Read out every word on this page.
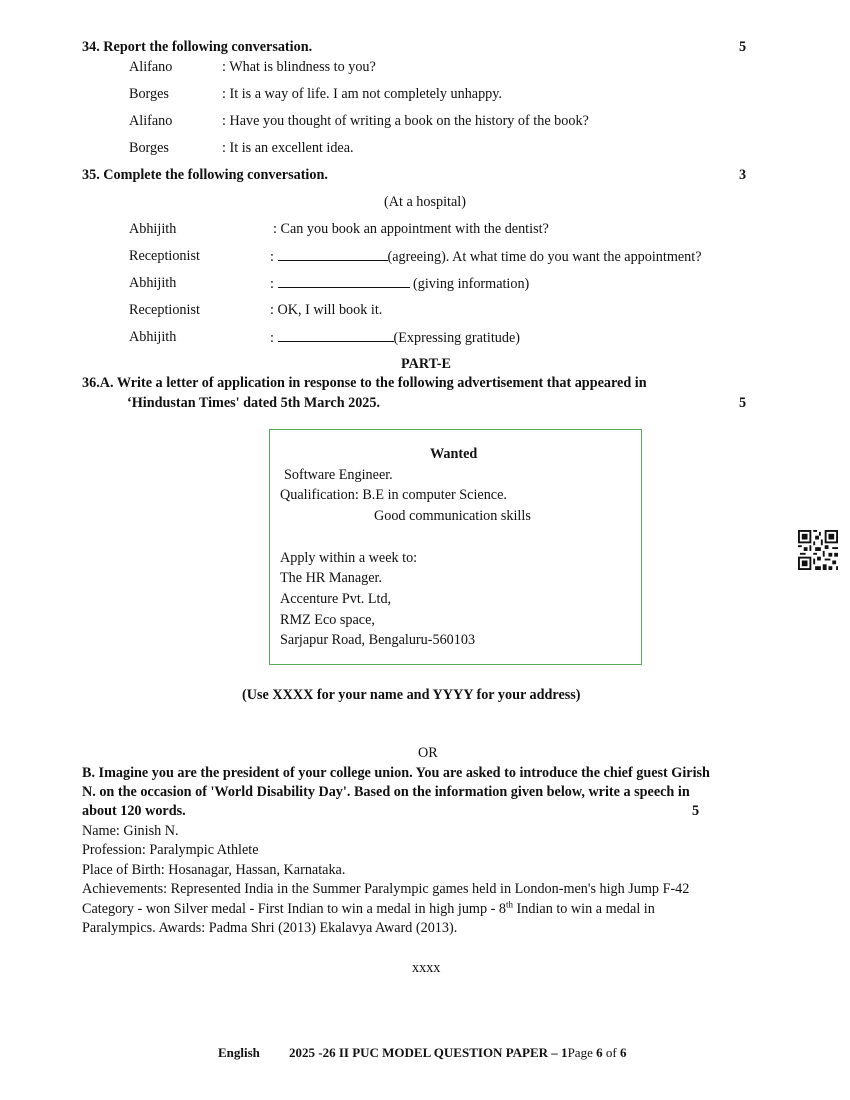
34. Report the following conversation.	5
Alifano	: What is blindness to you?
Borges	: It is a way of life. I am not completely unhappy.
Alifano	: Have you thought of writing a book on the history of the book?
Borges	: It is an excellent idea.
35. Complete the following conversation.	3
(At a hospital)
Abhijith	: Can you book an appointment with the dentist?
Receptionist	:	(agreeing). At what time do you want the appointment?
Abhijith	:	(giving information)
Receptionist	: OK, I will book it.
Abhijith	:	(Expressing gratitude)
PART-E
36.A. Write a letter of application in response to the following advertisement that appeared in
‘Hindustan Times' dated 5th March 2025.	5
Wanted
Software Engineer.
Qualification: B.E in computer Science.
Good communication skills
Apply within a week to:
The HR Manager.
Accenture Pvt. Ltd,
RMZ Eco space,
Sarjapur Road, Bengaluru-560103
(Use XXXX for your name and YYYY for your address)
OR
B. Imagine you are the president of your college union. You are asked to introduce the chief guest Girish
N. on the occasion of 'World Disability Day'. Based on the information given below, write a speech in
about 120 words.	5
Name: Ginish N.
Profession: Paralympic Athlete
Place of Birth: Hosanagar, Hassan, Karnataka.
Achievements: Represented India in the Summer Paralympic games held in London-men's high Jump F-42
Category - won Silver medal - First Indian to win a medal in high jump - 8th Indian to win a medal in
Paralympics. Awards: Padma Shri (2013) Ekalavya Award (2013).
xxxx
English 2025 -26 II PUC MODEL QUESTION PAPER – 1Page 6 of 6
